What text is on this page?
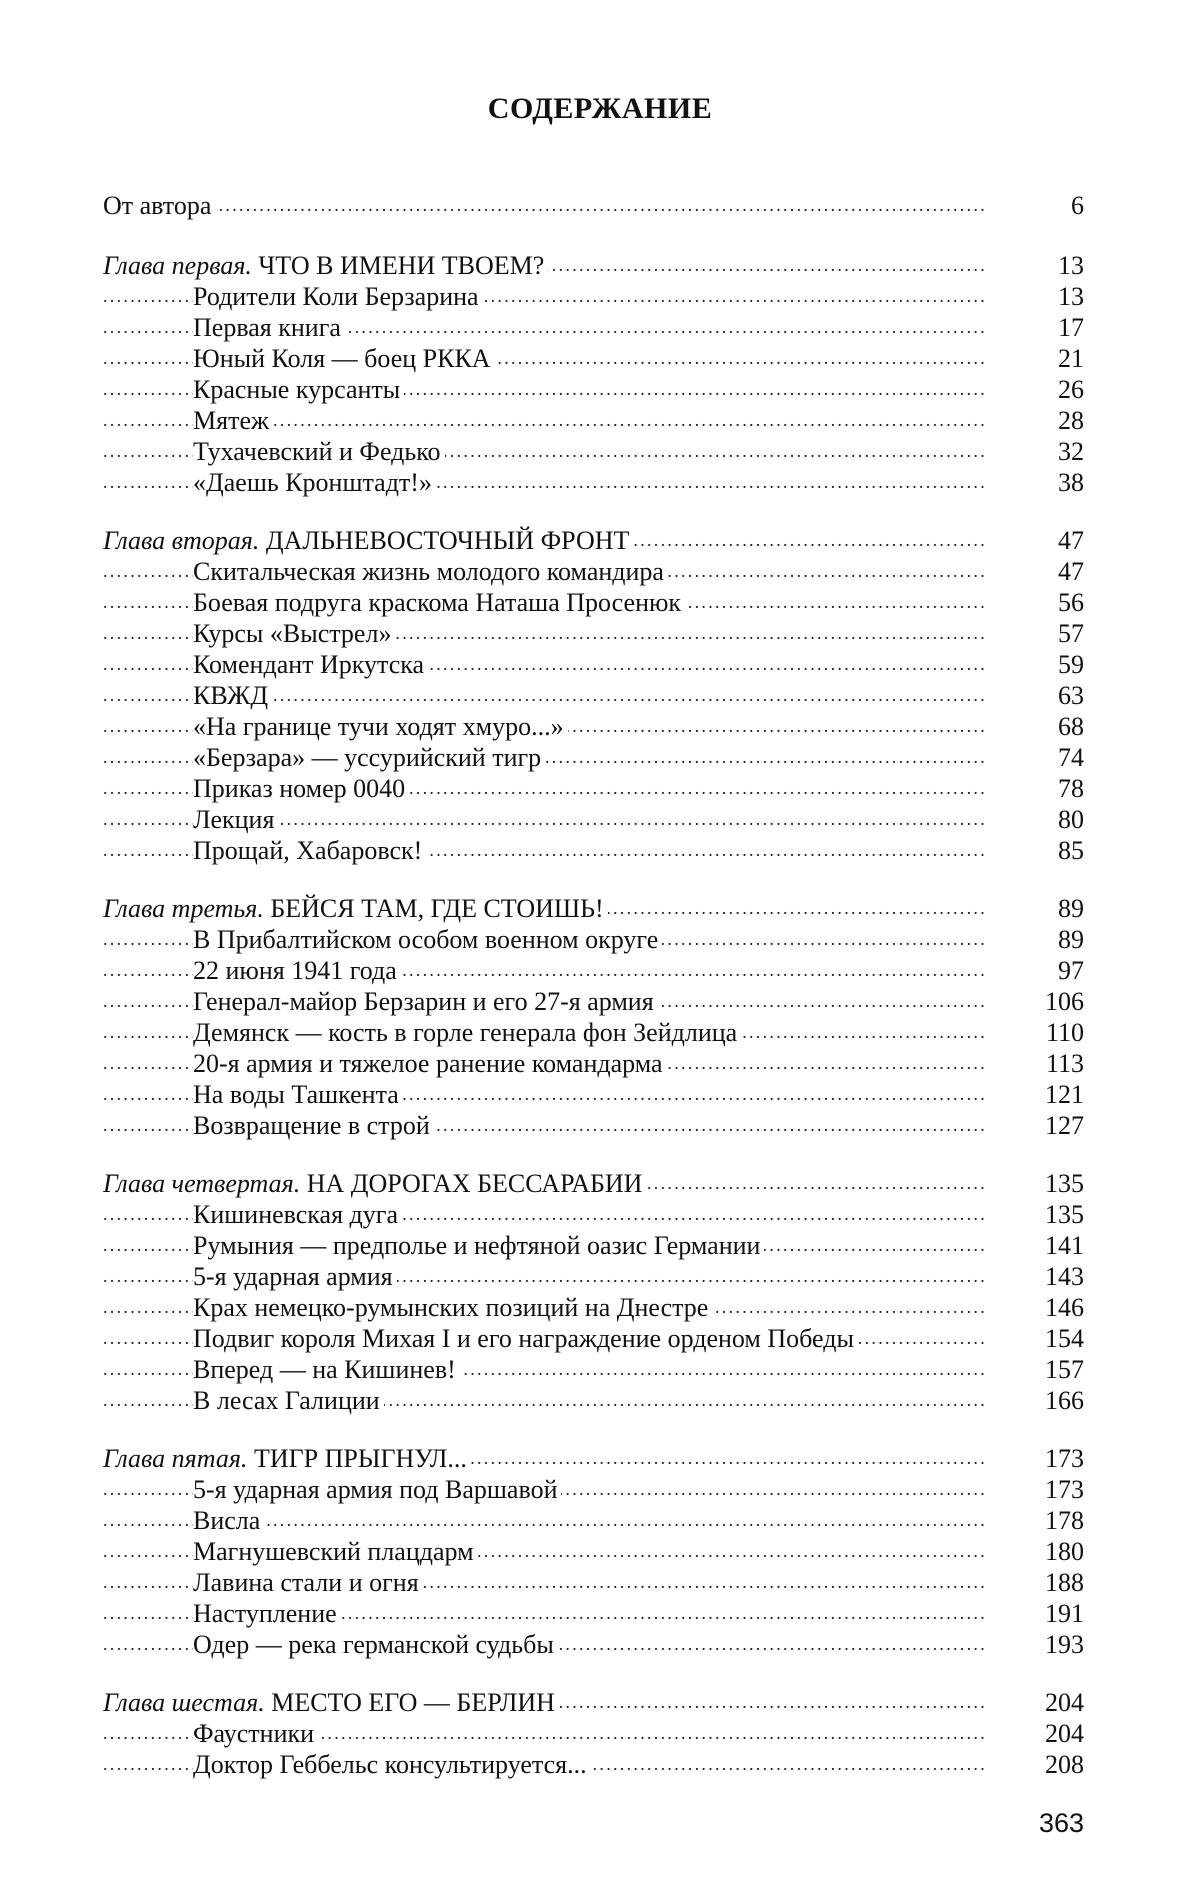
СОДЕРЖАНИЕ
..................................................................................................................................
От автора	6
Глава первая. ЧТО В ИМЕНИ ТВОЕМ?	13
........................................................................................
Родители Коли Берзарина	13
..................................................................................................................................
Первая книга	17
........................................................................................
Юный Коля — боец РККА	21
..................................................................................................................................
Красные курсанты	26
..................................................................................................................................
Мятеж	28
..................................................................................................................................
Тухачевский и Федько	32
..................................................................................................................................
«Даешь Кронштадт!»	38
Глава вторая. ДАЛЬНЕВОСТОЧНЫЙ ФРОНТ	47
Скитальческая жизнь молодого командира	47
Боевая подруга краскома Наташа Просенюк	56
..................................................................................................................................
Курсы «Выстрел»	57
..................................................................................................................................
Комендант Иркутска	59
..................................................................................................................................
КВЖД	63
«На границе тучи ходят хмуро...»	68
«Берзара» — уссурийский тигр	74
..................................................................................................................................
Приказ номер 0040	78
..................................................................................................................................
Лекция	80
..................................................................................................................................
Прощай, Хабаровск!	85
Глава третья. БЕЙСЯ ТАМ, ГДЕ СТОИШЬ!	89
В Прибалтийском особом военном округе	89
..................................................................................................................................
22 июня 1941 года	97
Генерал-майор Берзарин и его 27-я армия	106
Демянск — кость в горле генерала фон Зейдлица	110
20-я армия и тяжелое ранение командарма	113
..................................................................................................................................
На воды Ташкента	121
..................................................................................................................................
Возвращение в строй	127
Глава четвертая. НА ДОРОГАХ БЕССАРАБИИ	135
..................................................................................................................................
Кишиневская дуга	135
Румыния — предполье и нефтяной оазис Германии	141
..................................................................................................................................
5-я ударная армия	143
Крах немецко-румынских позиций на Днестре	146
Подвиг короля Михая I и его награждение орденом Победы	154
..................................................................................................................................
Вперед — на Кишинев!	157
..................................................................................................................................
В лесах Галиции	166
..................................................................................................................................
Глава пятая. ТИГР ПРЫГНУЛ...	173
5-я ударная армия под Варшавой	173
..................................................................................................................................
Висла	178
........................................................................................
Магнушевский плацдарм	180
..................................................................................................................................
Лавина стали и огня	188
..................................................................................................................................
Наступление	191
Одер — река германской судьбы	193
Глава шестая. МЕСТО ЕГО — БЕРЛИН	204
..................................................................................................................................
Фаустники	204
Доктор Геббельс консультируется...	208
363
